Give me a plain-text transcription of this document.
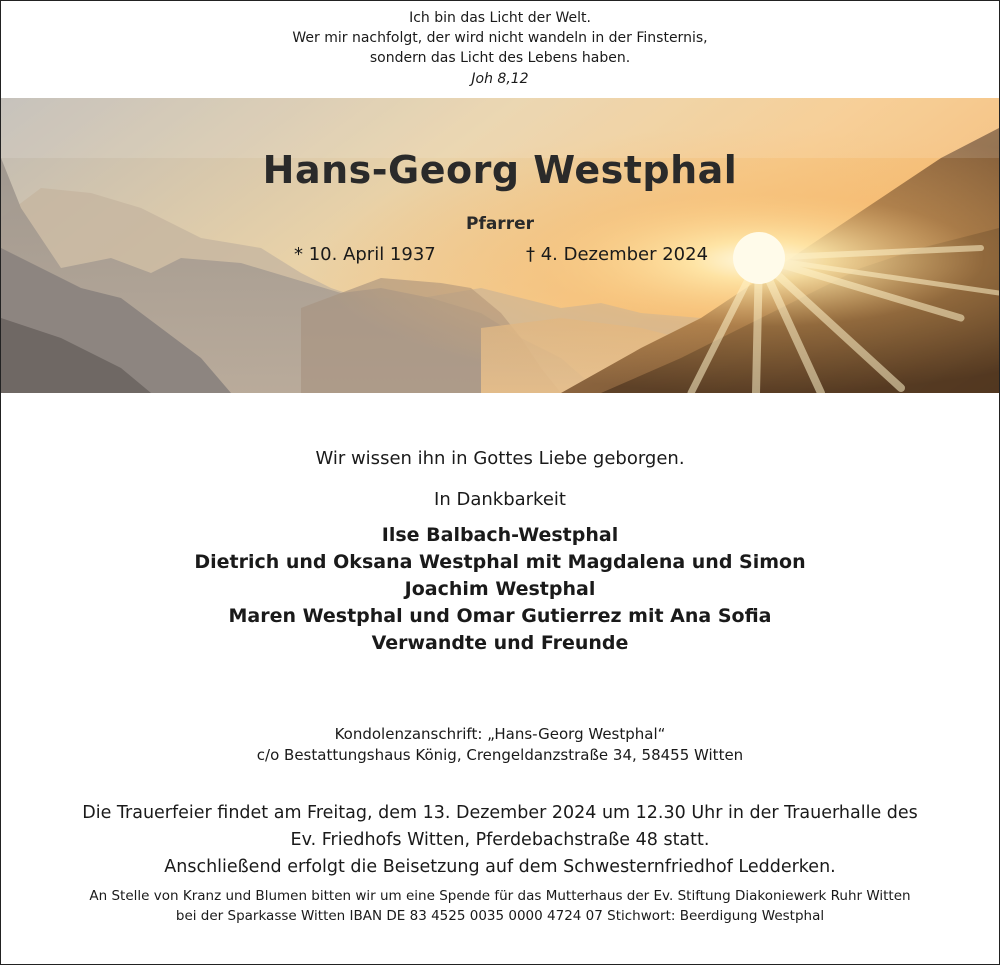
Ich bin das Licht der Welt.
Wer mir nachfolgt, der wird nicht wandeln in der Finsternis,
sondern das Licht des Lebens haben.
Joh 8,12
Hans-Georg Westphal
Pfarrer
* 10. April 1937	† 4. Dezember 2024
Wir wissen ihn in Gottes Liebe geborgen.
In Dankbarkeit
Ilse Balbach-Westphal
Dietrich und Oksana Westphal mit Magdalena und Simon
Joachim Westphal
Maren Westphal und Omar Gutierrez mit Ana Sofia
Verwandte und Freunde
Kondolenzanschrift: „Hans-Georg Westphal“
c/o Bestattungshaus König, Crengeldanzstraße 34, 58455 Witten
Die Trauerfeier findet am Freitag, dem 13. Dezember 2024 um 12.30 Uhr in der Trauerhalle des
Ev. Friedhofs Witten, Pferdebachstraße 48 statt.
Anschließend erfolgt die Beisetzung auf dem Schwesternfriedhof Ledderken.
An Stelle von Kranz und Blumen bitten wir um eine Spende für das Mutterhaus der Ev. Stiftung Diakoniewerk Ruhr Witten
bei der Sparkasse Witten IBAN DE 83 4525 0035 0000 4724 07 Stichwort: Beerdigung Westphal
